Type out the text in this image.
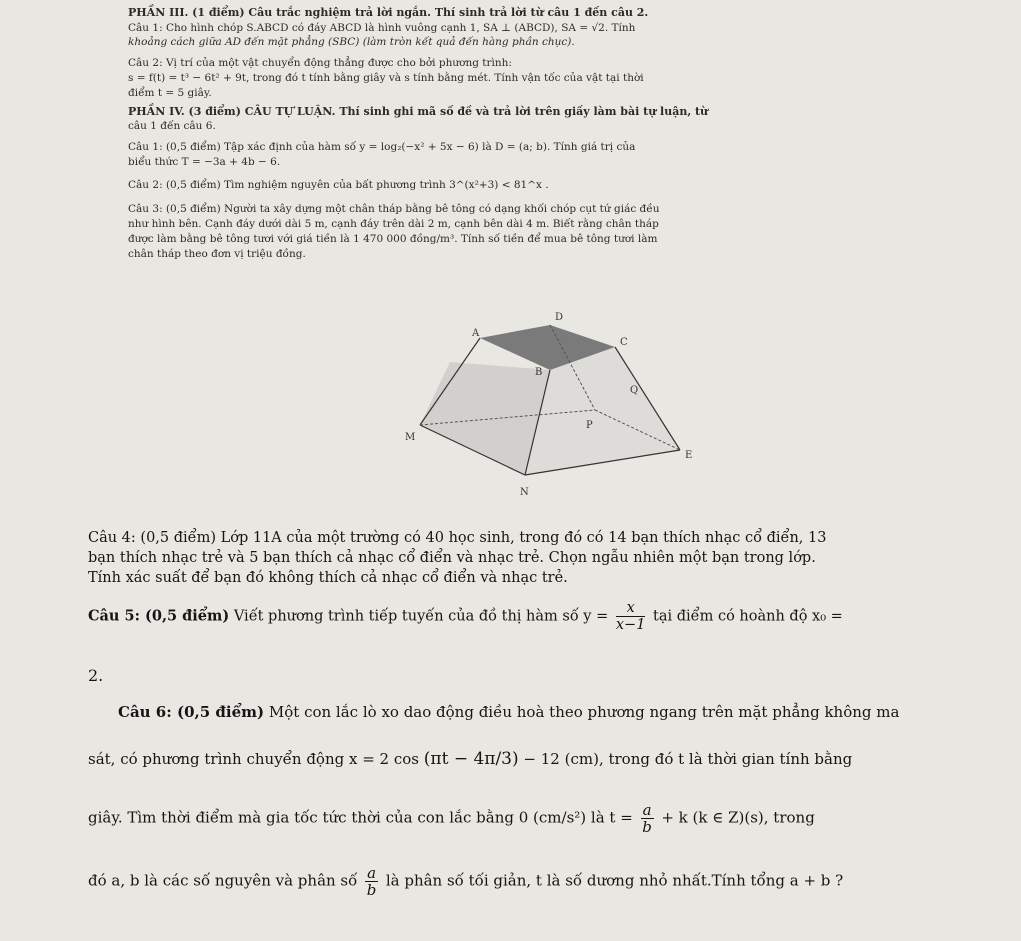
PHẦN III. (1 điểm) Câu trắc nghiệm trả lời ngắn. Thí sinh trả lời từ câu 1 đến câu 2.
Câu 1: Cho hình chóp S.ABCD có đáy ABCD là hình vuông cạnh 1, SA ⊥ (ABCD), SA = √2. Tính
khoảng cách giữa AD đến mặt phẳng (SBC) (làm tròn kết quả đến hàng phần chục).
Câu 2: Vị trí của một vật chuyển động thẳng được cho bởi phương trình:
s = f(t) = t³ − 6t² + 9t, trong đó t tính bằng giây và s tính bằng mét. Tính vận tốc của vật tại thời
điểm t = 5 giây.
PHẦN IV. (3 điểm) CÂU TỰ LUẬN. Thí sinh ghi mã số đề và trả lời trên giấy làm bài tự luận, từ
câu 1 đến câu 6.
Câu 1: (0,5 điểm) Tập xác định của hàm số y = log₂(−x² + 5x − 6) là D = (a; b). Tính giá trị của
biểu thức T = −3a + 4b − 6.
Câu 2: (0,5 điểm) Tìm nghiệm nguyên của bất phương trình 3^(x²+3) < 81^x .
Câu 3: (0,5 điểm) Người ta xây dựng một chân tháp bằng bê tông có dạng khối chóp cụt tứ giác đều
như hình bên. Cạnh đáy dưới dài 5 m, cạnh đáy trên dài 2 m, cạnh bên dài 4 m. Biết rằng chân tháp
được làm bằng bê tông tươi với giá tiền là 1 470 000 đồng/m³. Tính số tiền để mua bê tông tươi làm
chân tháp theo đơn vị triệu đồng.
A
D
C
B
Q
M
P
E
N
Câu 4: (0,5 điểm) Lớp 11A của một trường có 40 học sinh, trong đó có 14 bạn thích nhạc cổ điển, 13
bạn thích nhạc trẻ và 5 bạn thích cả nhạc cổ điển và nhạc trẻ. Chọn ngẫu nhiên một bạn trong lớp.
Tính xác suất để bạn đó không thích cả nhạc cổ điển và nhạc trẻ.
Câu 5: (0,5 điểm) Viết phương trình tiếp tuyến của đồ thị hàm số $y = \frac{x}{x-1}$ tại điểm có hoành độ x₀ =
2.
Câu 6: (0,5 điểm) Một con lắc lò xo dao động điều hoà theo phương ngang trên mặt phẳng không ma
sát, có phương trình chuyển động x = 2 cos (πt − 4π/3) − 12 (cm), trong đó t là thời gian tính bằng
giây. Tìm thời điểm mà gia tốc tức thời của con lắc bằng 0 (cm/s²) là $t = \frac{a}{b} + k$ (k ∈ Z)(s), trong
đó a, b là các số nguyên và phân số $\frac{a}{b}$ là phân số tối giản, t là số dương nhỏ nhất.Tính tổng a + b ?
